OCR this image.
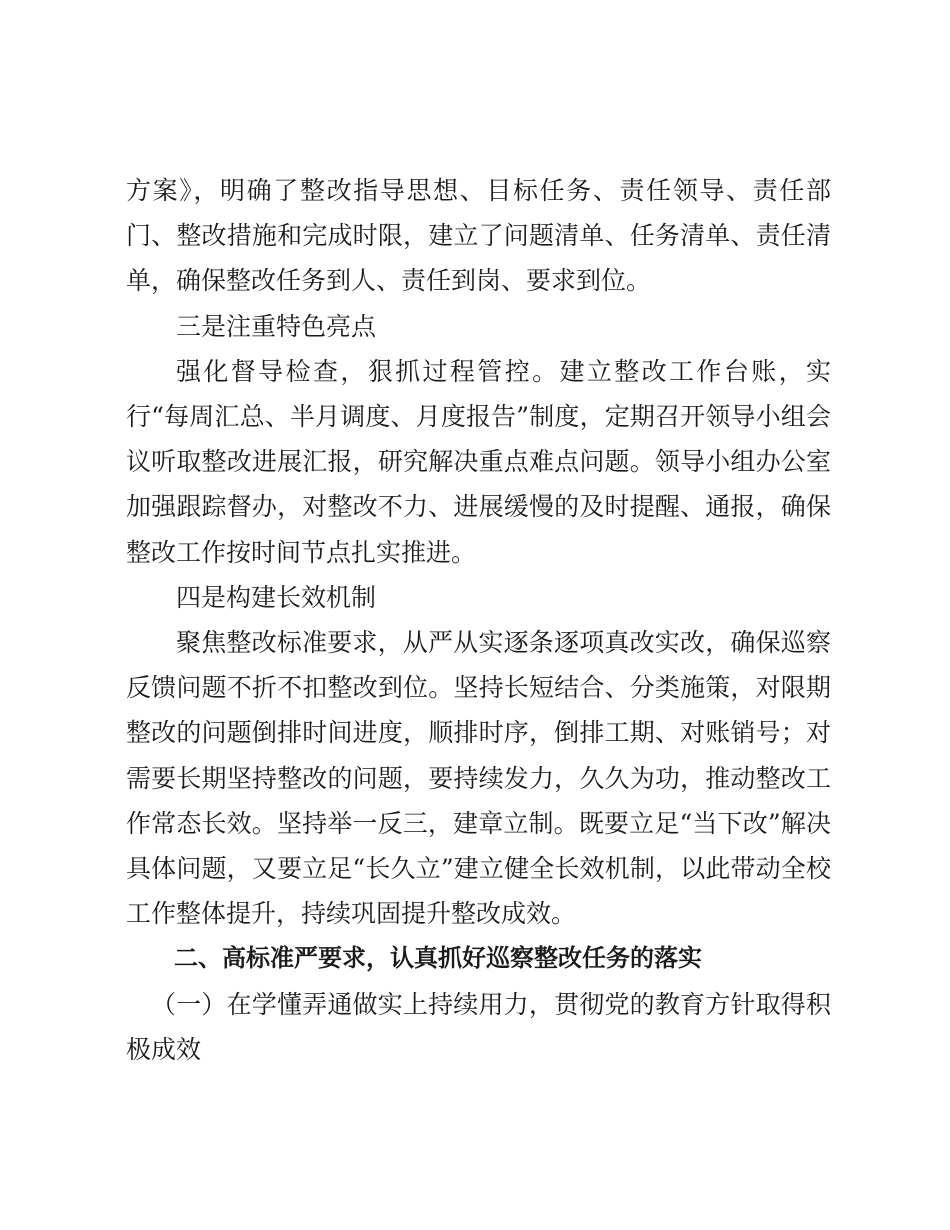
方案》，明确了整改指导思想、目标任务、责任领导、责任部门、整改措施和完成时限，建立了问题清单、任务清单、责任清单，确保整改任务到人、责任到岗、要求到位。

三是注重特色亮点

强化督导检查，狠抓过程管控。建立整改工作台账，实行“每周汇总、半月调度、月度报告”制度，定期召开领导小组会议听取整改进展汇报，研究解决重点难点问题。领导小组办公室加强跟踪督办，对整改不力、进展缓慢的及时提醒、通报，确保整改工作按时间节点扎实推进。

四是构建长效机制

聚焦整改标准要求，从严从实逐条逐项真改实改，确保巡察反馈问题不折不扣整改到位。坚持长短结合、分类施策，对限期整改的问题倒排时间进度，顺排时序，倒排工期、对账销号；对需要长期坚持整改的问题，要持续发力，久久为功，推动整改工作常态长效。坚持举一反三，建章立制。既要立足“当下改”解决具体问题，又要立足“长久立”建立健全长效机制，以此带动全校工作整体提升，持续巩固提升整改成效。

二、高标准严要求，认真抓好巡察整改任务的落实

（一）在学懂弄通做实上持续用力，贯彻党的教育方针取得积极成效
